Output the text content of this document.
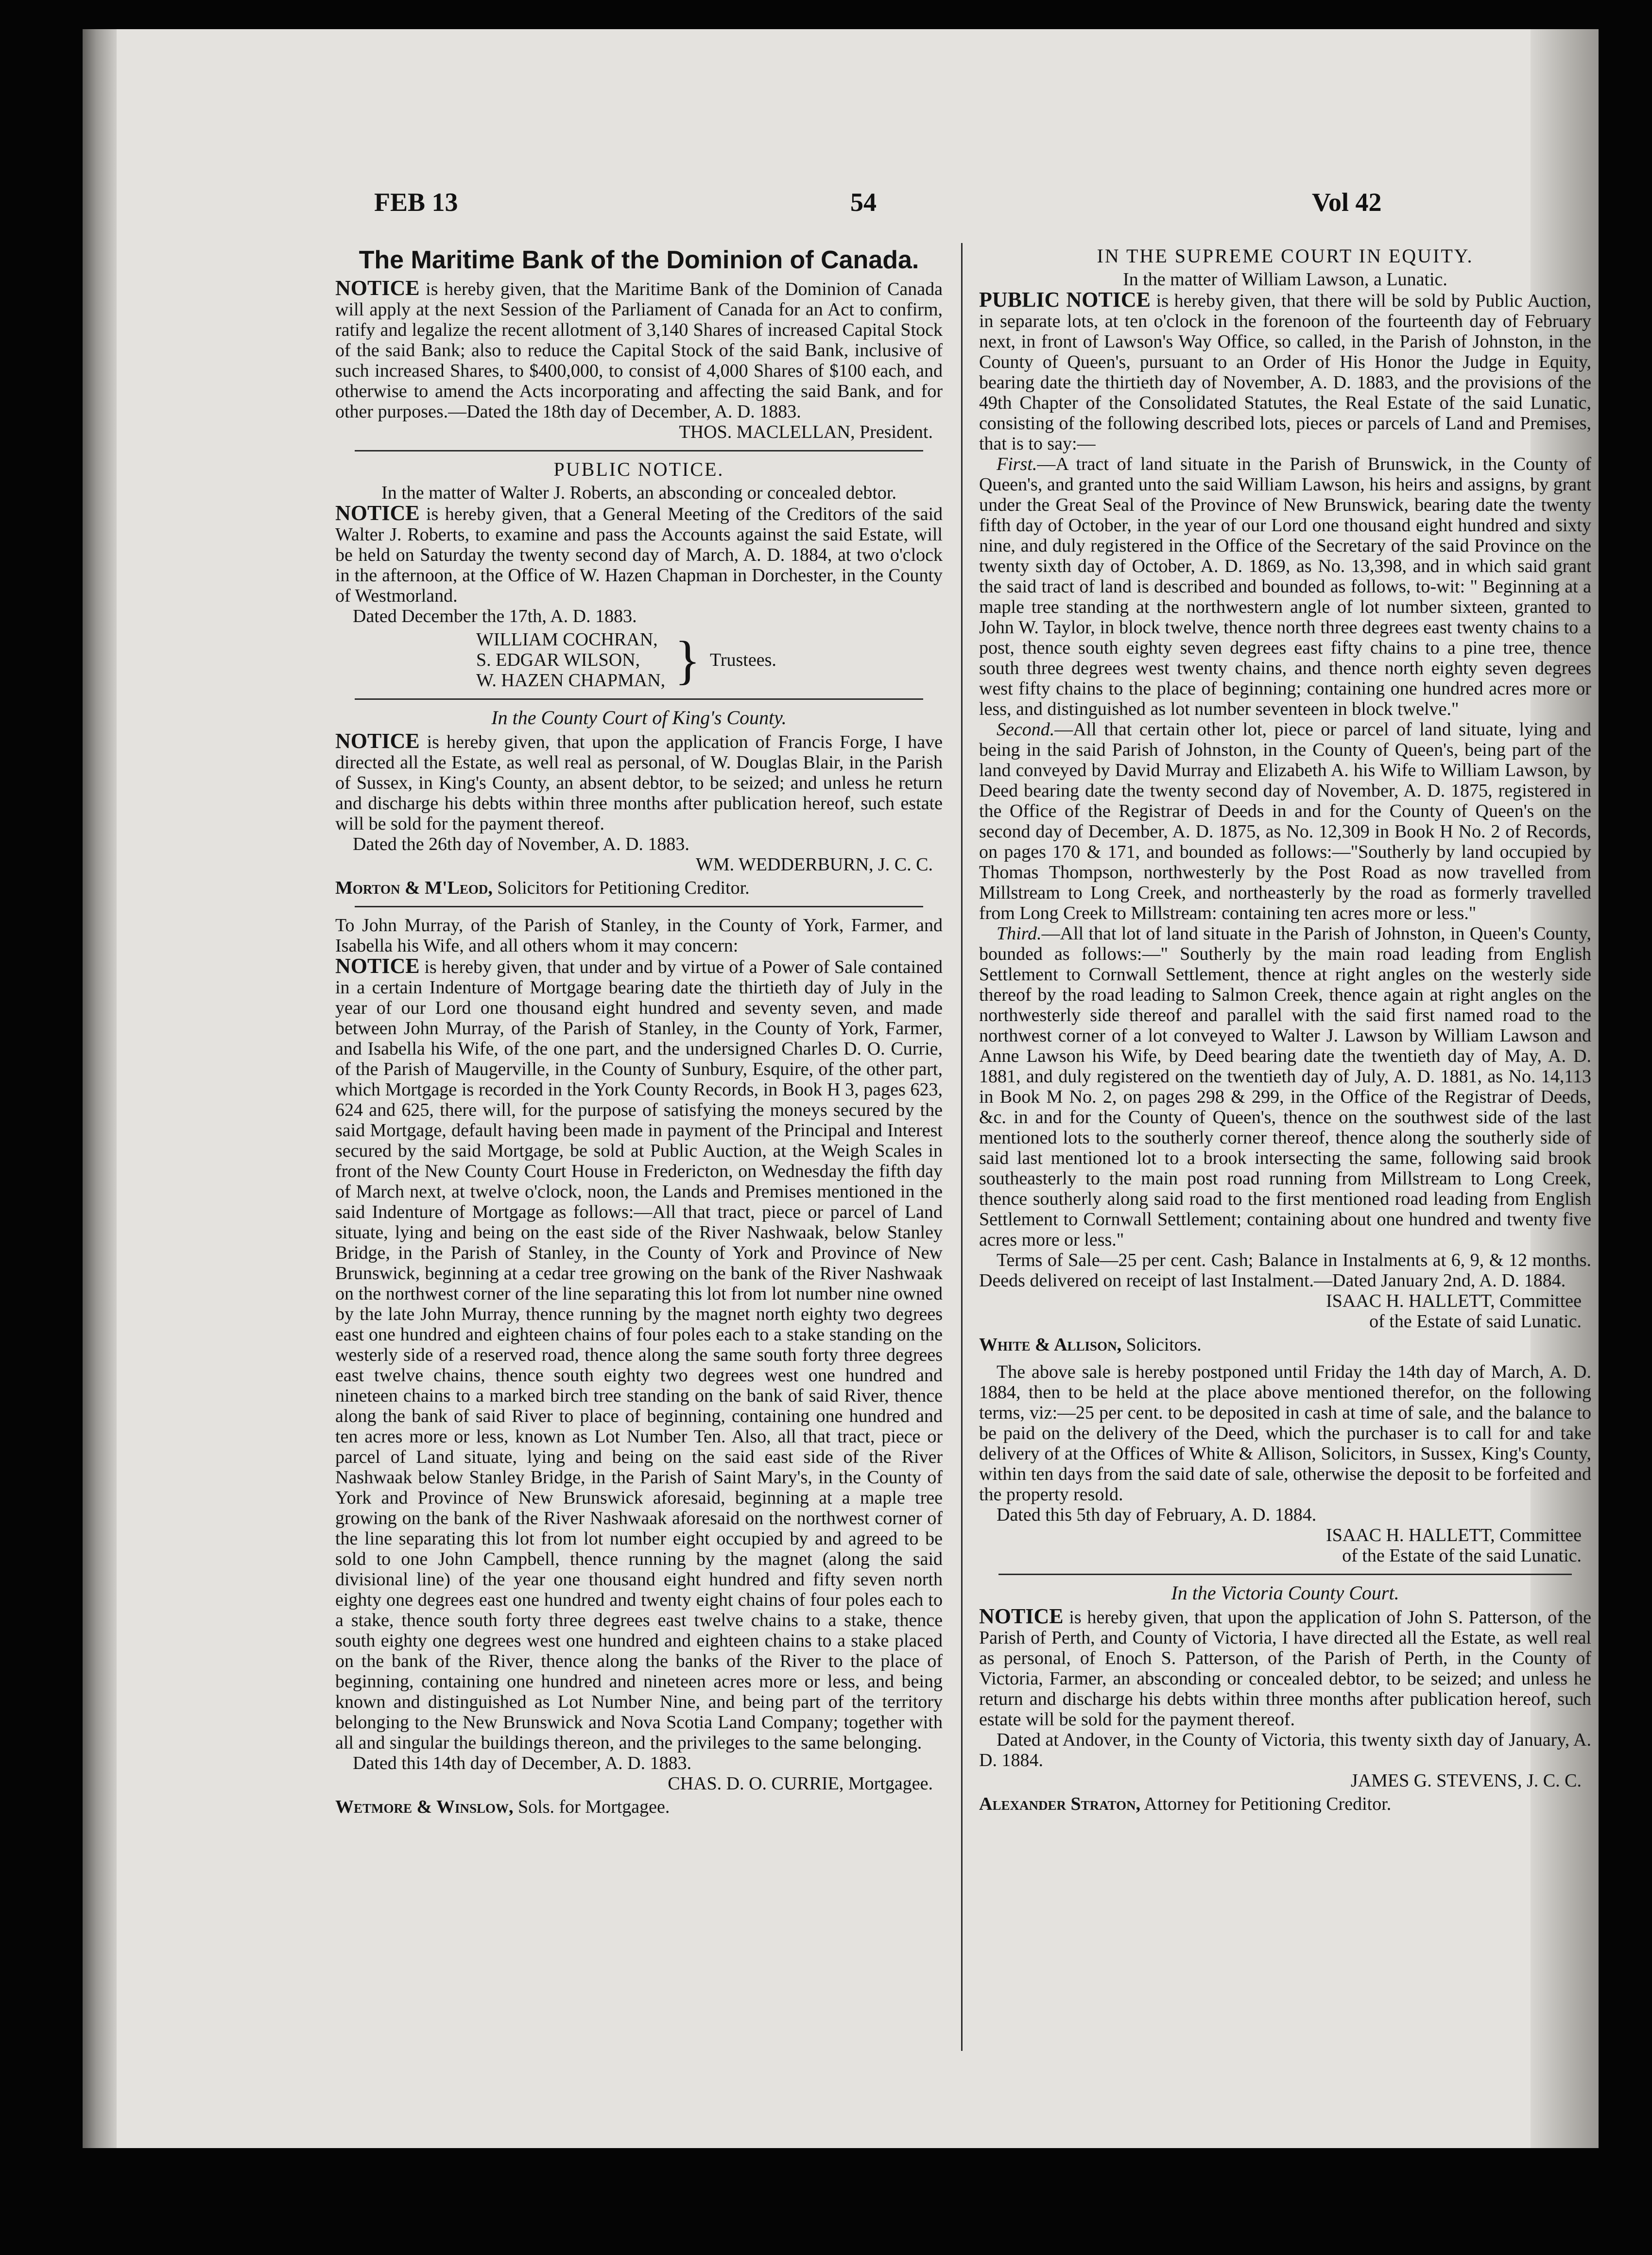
FEB 13	54	Vol 42
The Maritime Bank of the Dominion of Canada.

NOTICE is hereby given, that the Maritime Bank of the Dominion of Canada will apply at the next Session of the Parliament of Canada for an Act to confirm, ratify and legalize the recent allotment of 3,140 Shares of increased Capital Stock of the said Bank; also to reduce the Capital Stock of the said Bank, inclusive of such increased Shares, to $400,000, to consist of 4,000 Shares of $100 each, and otherwise to amend the Acts incorporating and affecting the said Bank, and for other purposes.—Dated the 18th day of December, A. D. 1883.

THOS. MACLELLAN, President.

PUBLIC NOTICE.

In the matter of Walter J. Roberts, an absconding or concealed debtor.

NOTICE is hereby given, that a General Meeting of the Creditors of the said Walter J. Roberts, to examine and pass the Accounts against the said Estate, will be held on Saturday the twenty second day of March, A. D. 1884, at two o'clock in the afternoon, at the Office of W. Hazen Chapman in Dorchester, in the County of Westmorland.

Dated December the 17th, A. D. 1883.

WILLIAM COCHRAN,
S. EDGAR WILSON,
W. HAZEN CHAPMAN, } Trustees.
In the County Court of King's County.

NOTICE is hereby given, that upon the application of Francis Forge, I have directed all the Estate, as well real as personal, of W. Douglas Blair, in the Parish of Sussex, in King's County, an absent debtor, to be seized; and unless he return and discharge his debts within three months after publication hereof, such estate will be sold for the payment thereof.

Dated the 26th day of November, A. D. 1883.

WM. WEDDERBURN, J. C. C.

Morton & M'Leod, Solicitors for Petitioning Creditor.

To John Murray, of the Parish of Stanley, in the County of York, Farmer, and Isabella his Wife, and all others whom it may concern:

NOTICE is hereby given, that under and by virtue of a Power of Sale contained in a certain Indenture of Mortgage bearing date the thirtieth day of July in the year of our Lord one thousand eight hundred and seventy seven, and made between John Murray, of the Parish of Stanley, in the County of York, Farmer, and Isabella his Wife, of the one part, and the undersigned Charles D. O. Currie, of the Parish of Maugerville, in the County of Sunbury, Esquire, of the other part, which Mortgage is recorded in the York County Records, in Book H 3, pages 623, 624 and 625, there will, for the purpose of satisfying the moneys secured by the said Mortgage, default having been made in payment of the Principal and Interest secured by the said Mortgage, be sold at Public Auction, at the Weigh Scales in front of the New County Court House in Fredericton, on Wednesday the fifth day of March next, at twelve o'clock, noon, the Lands and Premises mentioned in the said Indenture of Mortgage as follows:—All that tract, piece or parcel of Land situate, lying and being on the east side of the River Nashwaak, below Stanley Bridge, in the Parish of Stanley, in the County of York and Province of New Brunswick, beginning at a cedar tree growing on the bank of the River Nashwaak on the northwest corner of the line separating this lot from lot number nine owned by the late John Murray, thence running by the magnet north eighty two degrees east one hundred and eighteen chains of four poles each to a stake standing on the westerly side of a reserved road, thence along the same south forty three degrees east twelve chains, thence south eighty two degrees west one hundred and nineteen chains to a marked birch tree standing on the bank of said River, thence along the bank of said River to place of beginning, containing one hundred and ten acres more or less, known as Lot Number Ten. Also, all that tract, piece or parcel of Land situate, lying and being on the said east side of the River Nashwaak below Stanley Bridge, in the Parish of Saint Mary's, in the County of York and Province of New Brunswick aforesaid, beginning at a maple tree growing on the bank of the River Nashwaak aforesaid on the northwest corner of the line separating this lot from lot number eight occupied by and agreed to be sold to one John Campbell, thence running by the magnet (along the said divisional line) of the year one thousand eight hundred and fifty seven north eighty one degrees east one hundred and twenty eight chains of four poles each to a stake, thence south forty three degrees east twelve chains to a stake, thence south eighty one degrees west one hundred and eighteen chains to a stake placed on the bank of the River, thence along the banks of the River to the place of beginning, containing one hundred and nineteen acres more or less, and being known and distinguished as Lot Number Nine, and being part of the territory belonging to the New Brunswick and Nova Scotia Land Company; together with all and singular the buildings thereon, and the privileges to the same belonging.

Dated this 14th day of December, A. D. 1883.

CHAS. D. O. CURRIE, Mortgagee.

Wetmore & Winslow, Sols. for Mortgagee.

IN THE SUPREME COURT IN EQUITY.

In the matter of William Lawson, a Lunatic.

PUBLIC NOTICE is hereby given, that there will be sold by Public Auction, in separate lots, at ten o'clock in the forenoon of the fourteenth day of February next, in front of Lawson's Way Office, so called, in the Parish of Johnston, in the County of Queen's, pursuant to an Order of His Honor the Judge in Equity, bearing date the thirtieth day of November, A. D. 1883, and the provisions of the 49th Chapter of the Consolidated Statutes, the Real Estate of the said Lunatic, consisting of the following described lots, pieces or parcels of Land and Premises, that is to say:—

First.—A tract of land situate in the Parish of Brunswick, in the County of Queen's, and granted unto the said William Lawson, his heirs and assigns, by grant under the Great Seal of the Province of New Brunswick, bearing date the twenty fifth day of October, in the year of our Lord one thousand eight hundred and sixty nine, and duly registered in the Office of the Secretary of the said Province on the twenty sixth day of October, A. D. 1869, as No. 13,398, and in which said grant the said tract of land is described and bounded as follows, to-wit: " Beginning at a maple tree standing at the northwestern angle of lot number sixteen, granted to John W. Taylor, in block twelve, thence north three degrees east twenty chains to a post, thence south eighty seven degrees east fifty chains to a pine tree, thence south three degrees west twenty chains, and thence north eighty seven degrees west fifty chains to the place of beginning; containing one hundred acres more or less, and distinguished as lot number seventeen in block twelve."

Second.—All that certain other lot, piece or parcel of land situate, lying and being in the said Parish of Johnston, in the County of Queen's, being part of the land conveyed by David Murray and Elizabeth A. his Wife to William Lawson, by Deed bearing date the twenty second day of November, A. D. 1875, registered in the Office of the Registrar of Deeds in and for the County of Queen's on the second day of December, A. D. 1875, as No. 12,309 in Book H No. 2 of Records, on pages 170 & 171, and bounded as follows:—"Southerly by land occupied by Thomas Thompson, northwesterly by the Post Road as now travelled from Millstream to Long Creek, and northeasterly by the road as formerly travelled from Long Creek to Millstream: containing ten acres more or less."

Third.—All that lot of land situate in the Parish of Johnston, in Queen's County, bounded as follows:—" Southerly by the main road leading from English Settlement to Cornwall Settlement, thence at right angles on the westerly side thereof by the road leading to Salmon Creek, thence again at right angles on the northwesterly side thereof and parallel with the said first named road to the northwest corner of a lot conveyed to Walter J. Lawson by William Lawson and Anne Lawson his Wife, by Deed bearing date the twentieth day of May, A. D. 1881, and duly registered on the twentieth day of July, A. D. 1881, as No. 14,113 in Book M No. 2, on pages 298 & 299, in the Office of the Registrar of Deeds, &c. in and for the County of Queen's, thence on the southwest side of the last mentioned lots to the southerly corner thereof, thence along the southerly side of said last mentioned lot to a brook intersecting the same, following said brook southeasterly to the main post road running from Millstream to Long Creek, thence southerly along said road to the first mentioned road leading from English Settlement to Cornwall Settlement; containing about one hundred and twenty five acres more or less."

Terms of Sale—25 per cent. Cash; Balance in Instalments at 6, 9, & 12 months. Deeds delivered on receipt of last Instalment.—Dated January 2nd, A. D. 1884.

ISAAC H. HALLETT, Committee

of the Estate of said Lunatic.

White & Allison, Solicitors.

The above sale is hereby postponed until Friday the 14th day of March, A. D. 1884, then to be held at the place above mentioned therefor, on the following terms, viz:—25 per cent. to be deposited in cash at time of sale, and the balance to be paid on the delivery of the Deed, which the purchaser is to call for and take delivery of at the Offices of White & Allison, Solicitors, in Sussex, King's County, within ten days from the said date of sale, otherwise the deposit to be forfeited and the property resold.

Dated this 5th day of February, A. D. 1884.

ISAAC H. HALLETT, Committee

of the Estate of the said Lunatic.

In the Victoria County Court.

NOTICE is hereby given, that upon the application of John S. Patterson, of the Parish of Perth, and County of Victoria, I have directed all the Estate, as well real as personal, of Enoch S. Patterson, of the Parish of Perth, in the County of Victoria, Farmer, an absconding or concealed debtor, to be seized; and unless he return and discharge his debts within three months after publication hereof, such estate will be sold for the payment thereof.

Dated at Andover, in the County of Victoria, this twenty sixth day of January, A. D. 1884.

JAMES G. STEVENS, J. C. C.

Alexander Straton, Attorney for Petitioning Creditor.
